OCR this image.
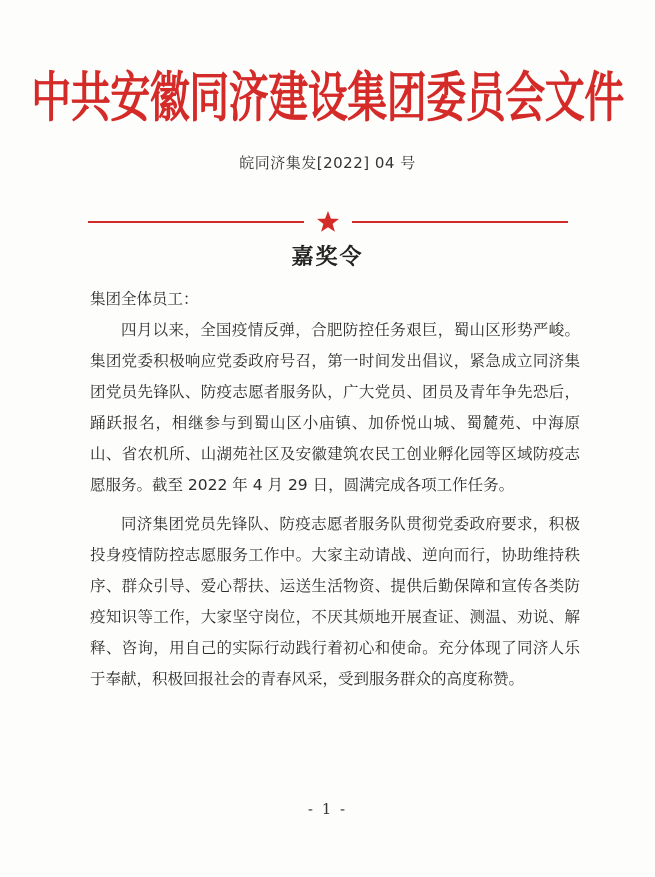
中共安徽同济建设集团委员会文件
皖同济集发[2022] 04 号
嘉奖令

集团全体员工：

四月以来，全国疫情反弹，合肥防控任务艰巨，蜀山区形势严峻。集团党委积极响应党委政府号召，第一时间发出倡议，紧急成立同济集团党员先锋队、防疫志愿者服务队，广大党员、团员及青年争先恐后，踊跃报名，相继参与到蜀山区小庙镇、加侨悦山城、蜀麓苑、中海原山、省农机所、山湖苑社区及安徽建筑农民工创业孵化园等区域防疫志愿服务。截至 2022 年 4 月 29 日，圆满完成各项工作任务。

同济集团党员先锋队、防疫志愿者服务队贯彻党委政府要求，积极投身疫情防控志愿服务工作中。大家主动请战、逆向而行，协助维持秩序、群众引导、爱心帮扶、运送生活物资、提供后勤保障和宣传各类防疫知识等工作，大家坚守岗位，不厌其烦地开展查证、测温、劝说、解释、咨询，用自己的实际行动践行着初心和使命。充分体现了同济人乐于奉献，积极回报社会的青春风采，受到服务群众的高度称赞。

- 1 -
